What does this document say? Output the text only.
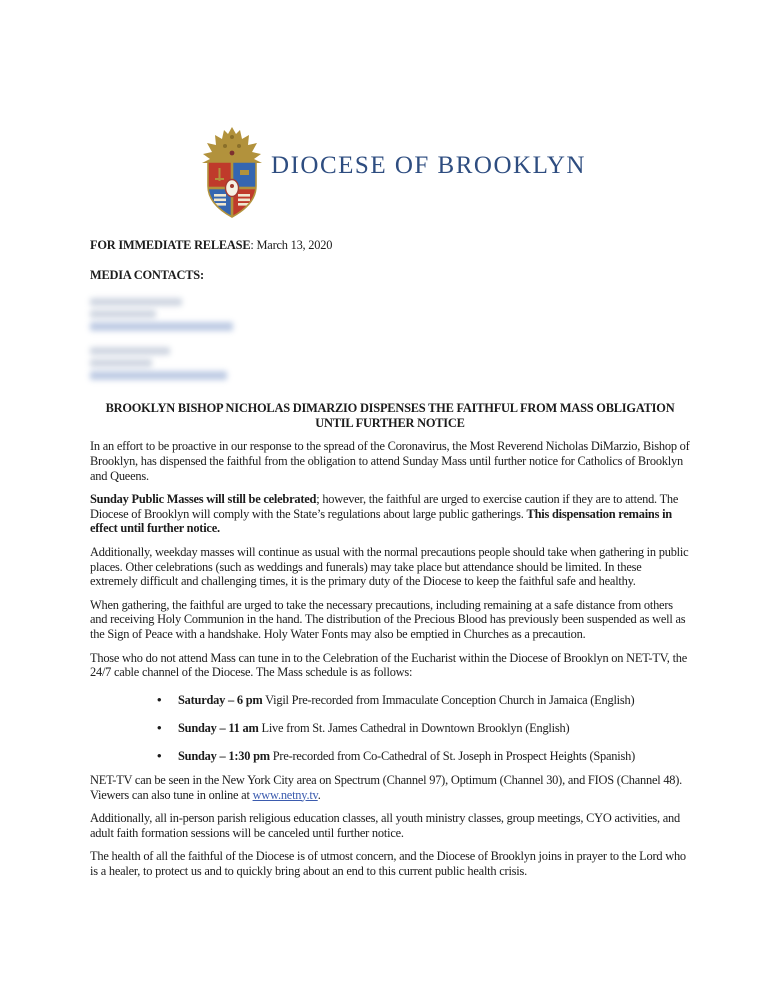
DIOCESE OF BROOKLYN

FOR IMMEDIATE RELEASE: March 13, 2020

MEDIA CONTACTS:

BROOKLYN BISHOP NICHOLAS DIMARZIO DISPENSES THE FAITHFUL FROM MASS OBLIGATION UNTIL FURTHER NOTICE

In an effort to be proactive in our response to the spread of the Coronavirus, the Most Reverend Nicholas DiMarzio, Bishop of Brooklyn, has dispensed the faithful from the obligation to attend Sunday Mass until further notice for Catholics of Brooklyn and Queens.

Sunday Public Masses will still be celebrated; however, the faithful are urged to exercise caution if they are to attend. The Diocese of Brooklyn will comply with the State’s regulations about large public gatherings. This dispensation remains in effect until further notice.

Additionally, weekday masses will continue as usual with the normal precautions people should take when gathering in public places. Other celebrations (such as weddings and funerals) may take place but attendance should be limited. In these extremely difficult and challenging times, it is the primary duty of the Diocese to keep the faithful safe and healthy.

When gathering, the faithful are urged to take the necessary precautions, including remaining at a safe distance from others and receiving Holy Communion in the hand. The distribution of the Precious Blood has previously been suspended as well as the Sign of Peace with a handshake. Holy Water Fonts may also be emptied in Churches as a precaution.

Those who do not attend Mass can tune in to the Celebration of the Eucharist within the Diocese of Brooklyn on NET-TV, the 24/7 cable channel of the Diocese. The Mass schedule is as follows:

•
Saturday – 6 pm Vigil Pre-recorded from Immaculate Conception Church in Jamaica (English)
•
Sunday – 11 am Live from St. James Cathedral in Downtown Brooklyn (English)
•
Sunday – 1:30 pm Pre-recorded from Co-Cathedral of St. Joseph in Prospect Heights (Spanish)

NET-TV can be seen in the New York City area on Spectrum (Channel 97), Optimum (Channel 30), and FIOS (Channel 48). Viewers can also tune in online at www.netny.tv.

Additionally, all in-person parish religious education classes, all youth ministry classes, group meetings, CYO activities, and adult faith formation sessions will be canceled until further notice.

The health of all the faithful of the Diocese is of utmost concern, and the Diocese of Brooklyn joins in prayer to the Lord who is a healer, to protect us and to quickly bring about an end to this current public health crisis.
